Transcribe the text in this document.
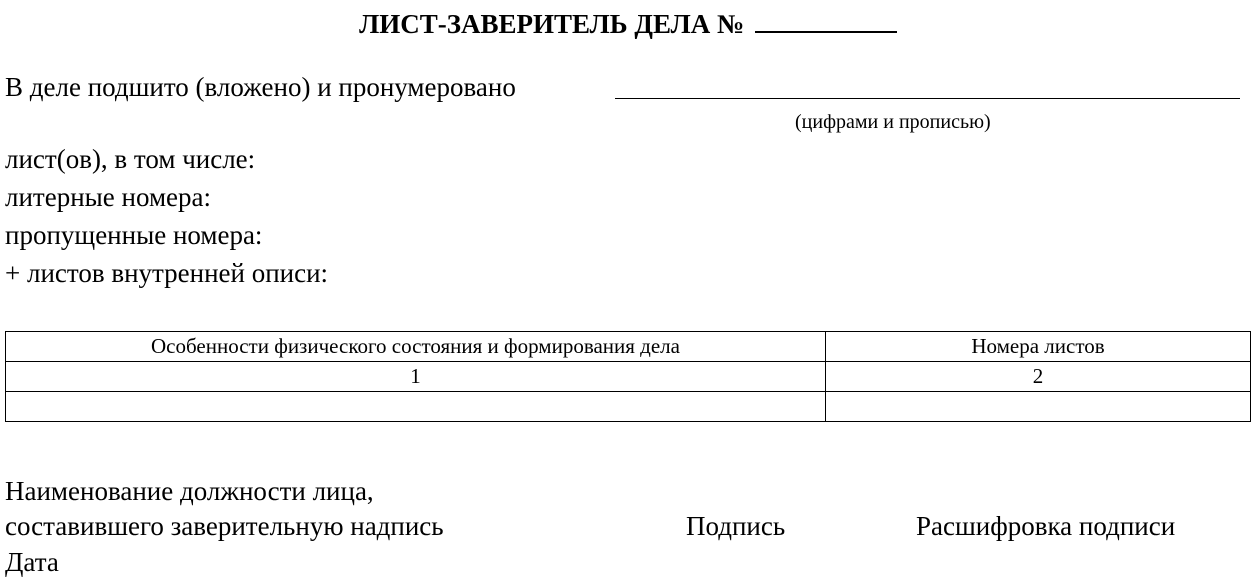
ЛИСТ-ЗАВЕРИТЕЛЬ ДЕЛА №
В деле подшито (вложено) и пронумеровано
(цифрами и прописью)
лист(ов), в том числе:
литерные номера:
пропущенные номера:
+ листов внутренней описи:
Особенности физического состояния и формирования дела	Номера листов
1	2

Наименование должности лица,
составившего заверительную надпись	Подпись	Расшифровка подписи
Дата
